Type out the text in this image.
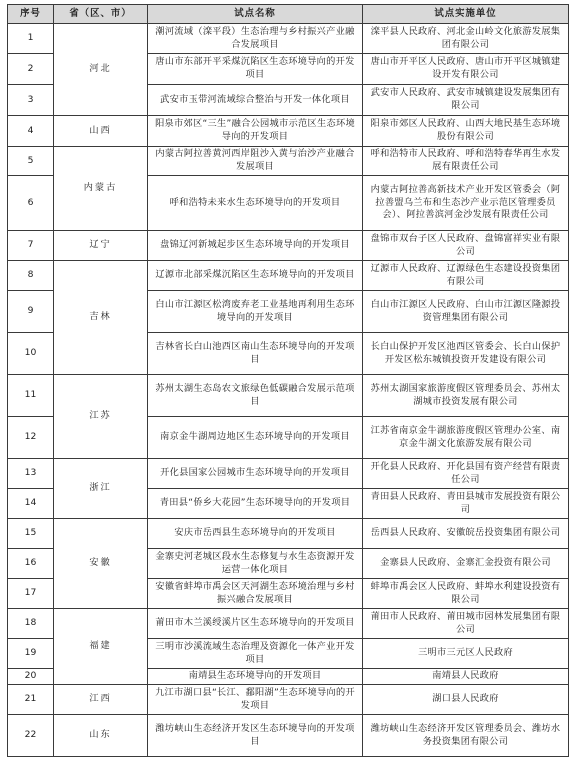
序号	省（区、市）	试点名称	试点实施单位
1	河北	潮河流域（滦平段）生态治理与乡村振兴产业融合发展项目	滦平县人民政府、河北金山岭文化旅游发展集团有限公司
2		唐山市东部开平采煤沉陷区生态环境导向的开发项目	唐山市开平区人民政府、唐山市开平区城镇建设开发有限公司
3		武安市玉带河流域综合整治与开发一体化项目	武安市人民政府、武安市城镇建设发展集团有限公司
4	山西	阳泉市郊区“三生”融合公园城市示范区生态环境导向的开发项目	阳泉市郊区人民政府、山西大地民基生态环境股份有限公司
5	内蒙古	内蒙古阿拉善黄河西岸阻沙入黄与治沙产业融合发展项目	呼和浩特市人民政府、呼和浩特春华再生水发展有限责任公司
6		呼和浩特未来水生态环境导向的开发项目	内蒙古阿拉善高新技术产业开发区管委会（阿拉善盟乌兰布和生态沙产业示范区管理委员会）、阿拉善滨河金沙发展有限责任公司
7	辽宁	盘锦辽河新城起步区生态环境导向的开发项目	盘锦市双台子区人民政府、盘锦富祥实业有限公司
8	吉林	辽源市北部采煤沉陷区生态环境导向的开发项目	辽源市人民政府、辽源绿色生态建设投资集团有限公司
9		白山市江源区松湾废弃老工业基地再利用生态环境导向的开发项目	白山市江源区人民政府、白山市江源区隆源投资管理集团有限公司
10		吉林省长白山池西区南山生态环境导向的开发项目	长白山保护开发区池西区管委会、长白山保护开发区松东城镇投资开发建设有限公司
11	江苏	苏州太湖生态岛农文旅绿色低碳融合发展示范项目	苏州太湖国家旅游度假区管理委员会、苏州太湖城市投资发展有限公司
12		南京金牛湖周边地区生态环境导向的开发项目	江苏省南京金牛湖旅游度假区管理办公室、南京金牛湖文化旅游发展有限公司
13	浙江	开化县国家公园城市生态环境导向的开发项目	开化县人民政府、开化县国有资产经营有限责任公司
14		青田县“侨乡大花园”生态环境导向的开发项目	青田县人民政府、青田县城市发展投资有限公司
15	安徽	安庆市岳西县生态环境导向的开发项目	岳西县人民政府、安徽皖岳投资集团有限公司
16		金寨史河老城区段水生态修复与水生态资源开发运营一体化项目	金寨县人民政府、金寨汇金投资有限公司
17		安徽省蚌埠市禹会区天河湖生态环境治理与乡村振兴融合发展项目	蚌埠市禹会区人民政府、蚌埠水利建设投资有限公司
18	福建	莆田市木兰溪绶溪片区生态环境导向的开发项目	莆田市人民政府、莆田城市园林发展集团有限公司
19		三明市沙溪流域生态治理及资源化一体产业开发项目	三明市三元区人民政府
20		南靖县生态环境导向的开发项目	南靖县人民政府
21	江西	九江市湖口县“长江、鄱阳湖”生态环境导向的开发项目	湖口县人民政府
22	山东	潍坊峡山生态经济开发区生态环境导向的开发项目	潍坊峡山生态经济开发区管理委员会、潍坊水务投资集团有限公司
